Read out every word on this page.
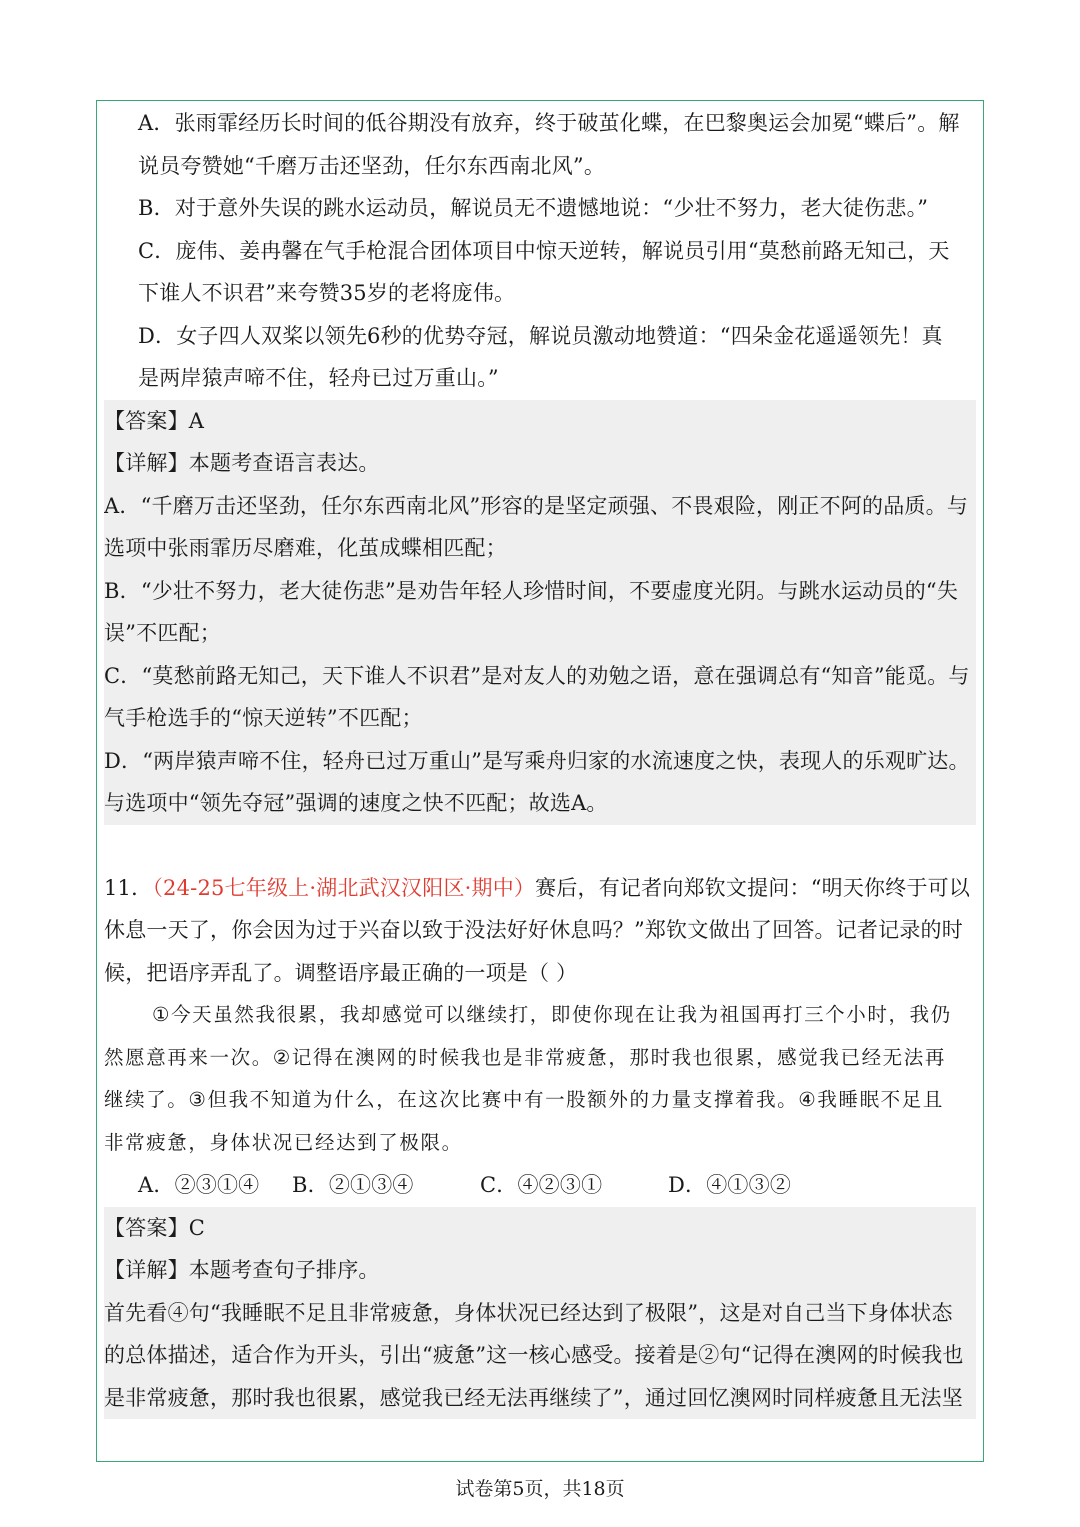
A．张雨霏经历长时间的低谷期没有放弃，终于破茧化蝶，在巴黎奥运会加冕“蝶后”。解
说员夸赞她“千磨万击还坚劲，任尔东西南北风”。
B．对于意外失误的跳水运动员，解说员无不遗憾地说：“少壮不努力，老大徒伤悲。”
C．庞伟、姜冉馨在气手枪混合团体项目中惊天逆转，解说员引用“莫愁前路无知己，天
下谁人不识君”来夸赞35岁的老将庞伟。
D．女子四人双桨以领先6秒的优势夺冠，解说员激动地赞道：“四朵金花遥遥领先！真
是两岸猿声啼不住，轻舟已过万重山。”
【答案】A
【详解】本题考查语言表达。
A．“千磨万击还坚劲，任尔东西南北风”形容的是坚定顽强、不畏艰险，刚正不阿的品质。与
选项中张雨霏历尽磨难，化茧成蝶相匹配；
B．“少壮不努力，老大徒伤悲”是劝告年轻人珍惜时间，不要虚度光阴。与跳水运动员的“失
误”不匹配；
C．“莫愁前路无知己，天下谁人不识君”是对友人的劝勉之语，意在强调总有“知音”能觅。与
气手枪选手的“惊天逆转”不匹配；
D．“两岸猿声啼不住，轻舟已过万重山”是写乘舟归家的水流速度之快，表现人的乐观旷达。
与选项中“领先夺冠”强调的速度之快不匹配；故选A。
11．（24-25七年级上·湖北武汉汉阳区·期中）赛后，有记者向郑钦文提问：“明天你终于可以
休息一天了，你会因为过于兴奋以致于没法好好休息吗？”郑钦文做出了回答。记者记录的时
候，把语序弄乱了。调整语序最正确的一项是（ ）
①今天虽然我很累，我却感觉可以继续打，即使你现在让我为祖国再打三个小时，我仍
然愿意再来一次。②记得在澳网的时候我也是非常疲惫，那时我也很累，感觉我已经无法再
继续了。③但我不知道为什么，在这次比赛中有一股额外的力量支撑着我。④我睡眠不足且
非常疲惫，身体状况已经达到了极限。
A．②③①④ B．②①③④	C．④②③①	D．④①③②
【答案】C
【详解】本题考查句子排序。
首先看④句“我睡眠不足且非常疲惫，身体状况已经达到了极限”，这是对自己当下身体状态
的总体描述，适合作为开头，引出“疲惫”这一核心感受。接着是②句“记得在澳网的时候我也
是非常疲惫，那时我也很累，感觉我已经无法再继续了”，通过回忆澳网时同样疲惫且无法坚
试卷第5页，共18页
